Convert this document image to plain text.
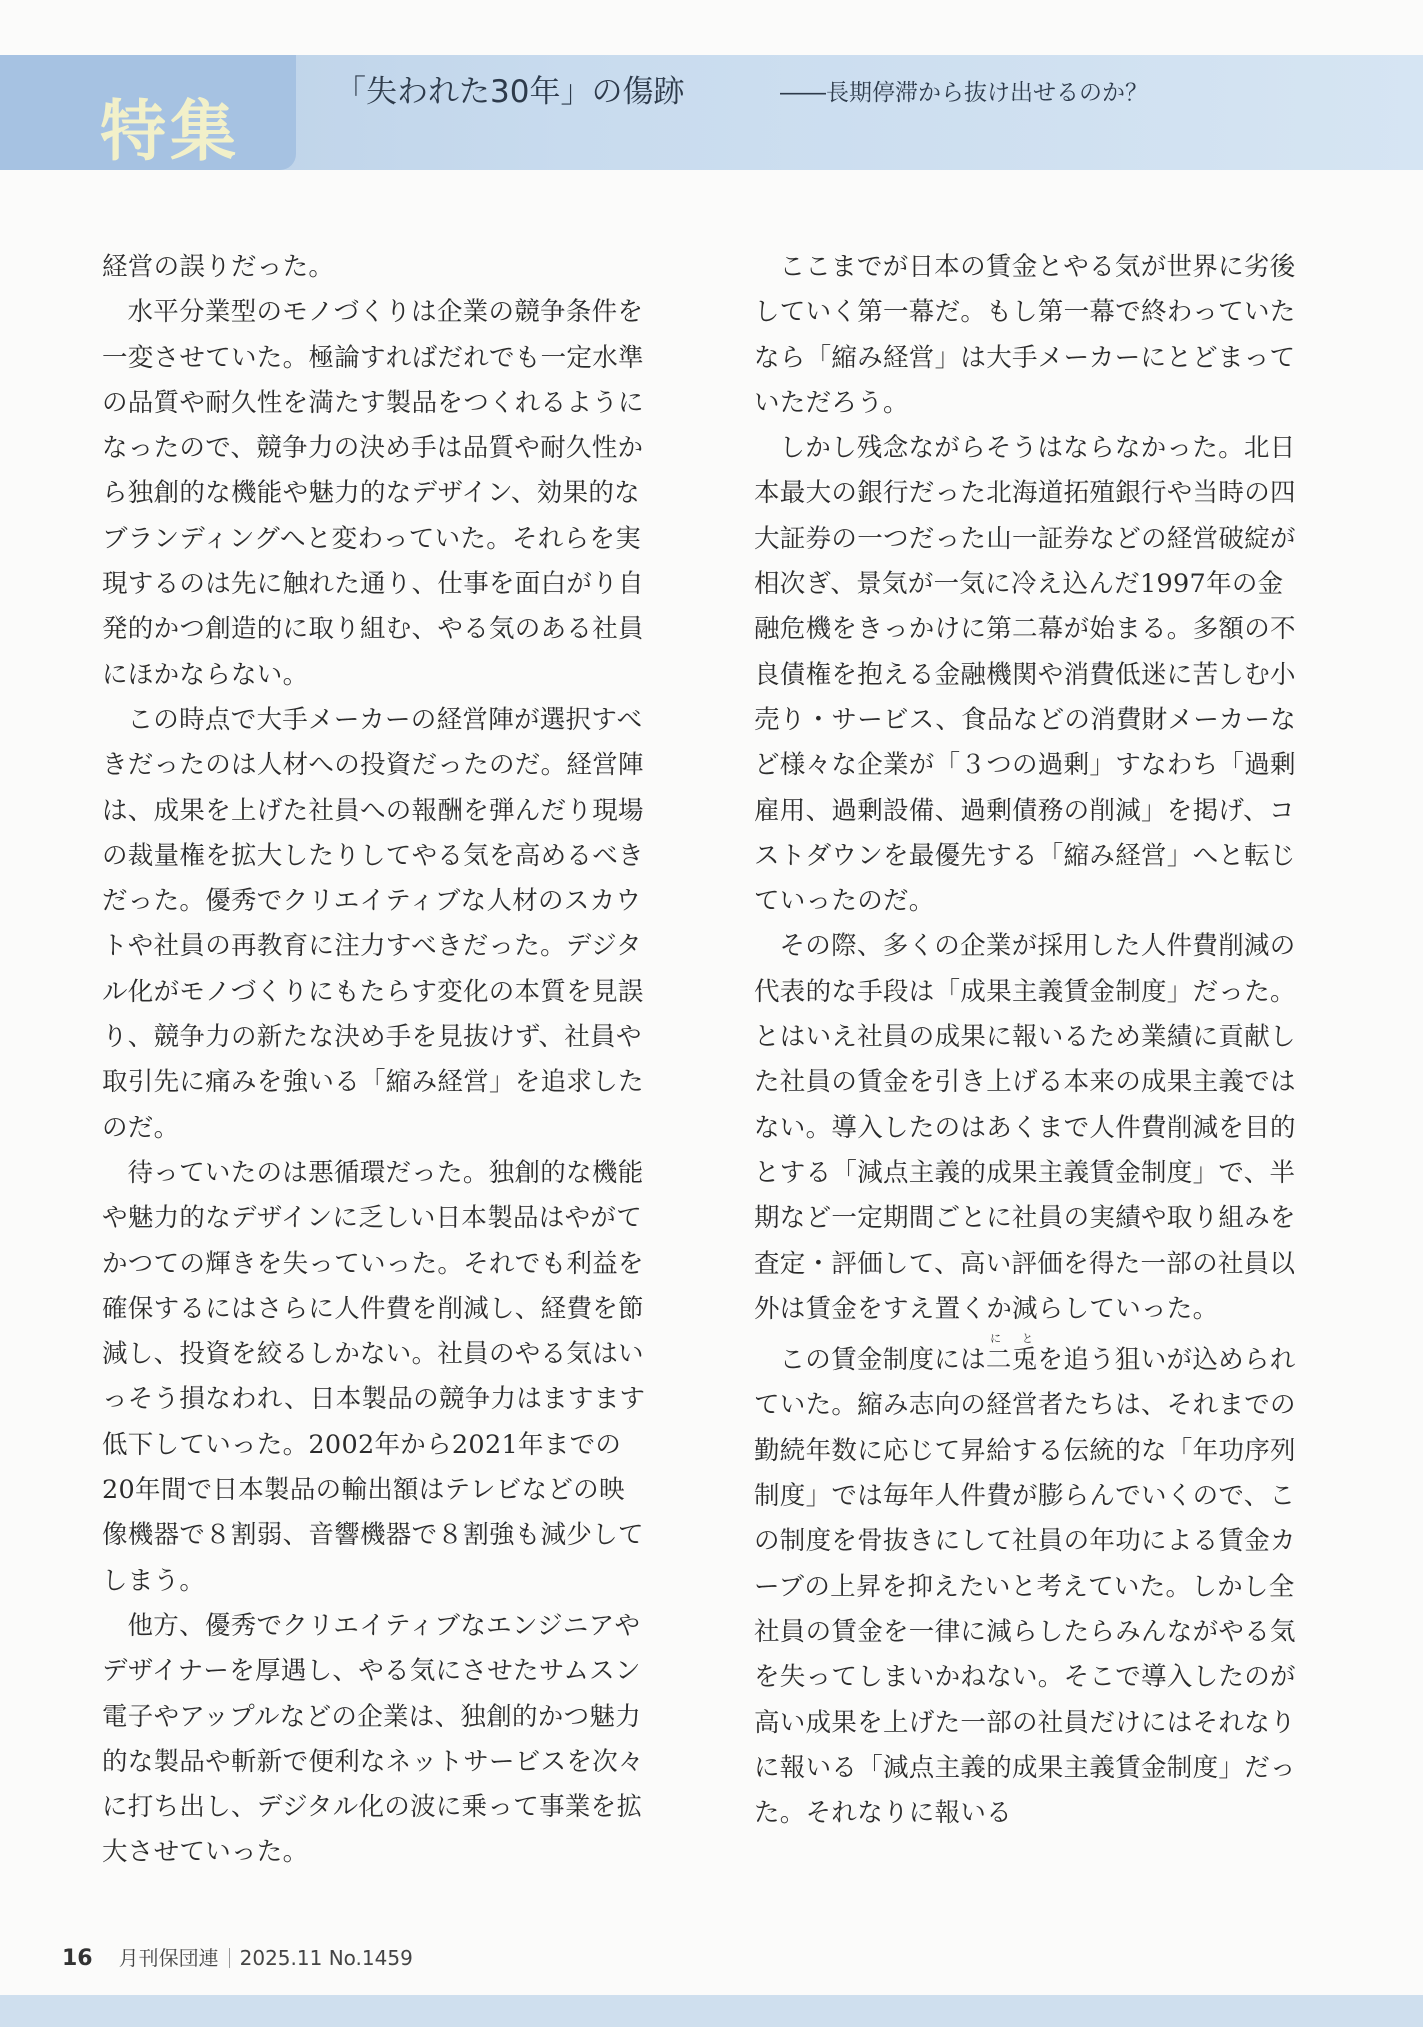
特集
「失われた30年」の傷跡	――長期停滞から抜け出せるのか？

経営の誤りだった。

水平分業型のモノづくりは企業の競争条件を一変させていた。極論すればだれでも一定水準の品質や耐久性を満たす製品をつくれるようになったので、競争力の決め手は品質や耐久性から独創的な機能や魅力的なデザイン、効果的なブランディングへと変わっていた。それらを実現するのは先に触れた通り、仕事を面白がり自発的かつ創造的に取り組む、やる気のある社員にほかならない。

この時点で大手メーカーの経営陣が選択すべきだったのは人材への投資だったのだ。経営陣は、成果を上げた社員への報酬を弾んだり現場の裁量権を拡大したりしてやる気を高めるべきだった。優秀でクリエイティブな人材のスカウトや社員の再教育に注力すべきだった。デジタル化がモノづくりにもたらす変化の本質を見誤り、競争力の新たな決め手を見抜けず、社員や取引先に痛みを強いる「縮み経営」を追求したのだ。

待っていたのは悪循環だった。独創的な機能や魅力的なデザインに乏しい日本製品はやがてかつての輝きを失っていった。それでも利益を確保するにはさらに人件費を削減し、経費を節減し、投資を絞るしかない。社員のやる気はいっそう損なわれ、日本製品の競争力はますます低下していった。2002年から2021年までの20年間で日本製品の輸出額はテレビなどの映像機器で８割弱、音響機器で８割強も減少してしまう。

他方、優秀でクリエイティブなエンジニアやデザイナーを厚遇し、やる気にさせたサムスン電子やアップルなどの企業は、独創的かつ魅力的な製品や斬新で便利なネットサービスを次々に打ち出し、デジタル化の波に乗って事業を拡大させていった。

ここまでが日本の賃金とやる気が世界に劣後していく第一幕だ。もし第一幕で終わっていたなら「縮み経営」は大手メーカーにとどまっていただろう。

しかし残念ながらそうはならなかった。北日本最大の銀行だった北海道拓殖銀行や当時の四大証券の一つだった山一証券などの経営破綻が相次ぎ、景気が一気に冷え込んだ1997年の金融危機をきっかけに第二幕が始まる。多額の不良債権を抱える金融機関や消費低迷に苦しむ小売り・サービス、食品などの消費財メーカーなど様々な企業が「３つの過剰」すなわち「過剰雇用、過剰設備、過剰債務の削減」を掲げ、コストダウンを最優先する「縮み経営」へと転じていったのだ。

その際、多くの企業が採用した人件費削減の代表的な手段は「成果主義賃金制度」だった。とはいえ社員の成果に報いるため業績に貢献した社員の賃金を引き上げる本来の成果主義ではない。導入したのはあくまで人件費削減を目的とする「減点主義的成果主義賃金制度」で、半期など一定期間ごとに社員の実績や取り組みを査定・評価して、高い評価を得た一部の社員以外は賃金をすえ置くか減らしていった。

この賃金制度には二兎に とを追う狙いが込められていた。縮み志向の経営者たちは、それまでの勤続年数に応じて昇給する伝統的な「年功序列制度」では毎年人件費が膨らんでいくので、この制度を骨抜きにして社員の年功による賃金カーブの上昇を抑えたいと考えていた。しかし全社員の賃金を一律に減らしたらみんながやる気を失ってしまいかねない。そこで導入したのが高い成果を上げた一部の社員だけにはそれなりに報いる「減点主義的成果主義賃金制度」だった。それなりに報いる

16 月刊保団連 2025.11 No.1459
